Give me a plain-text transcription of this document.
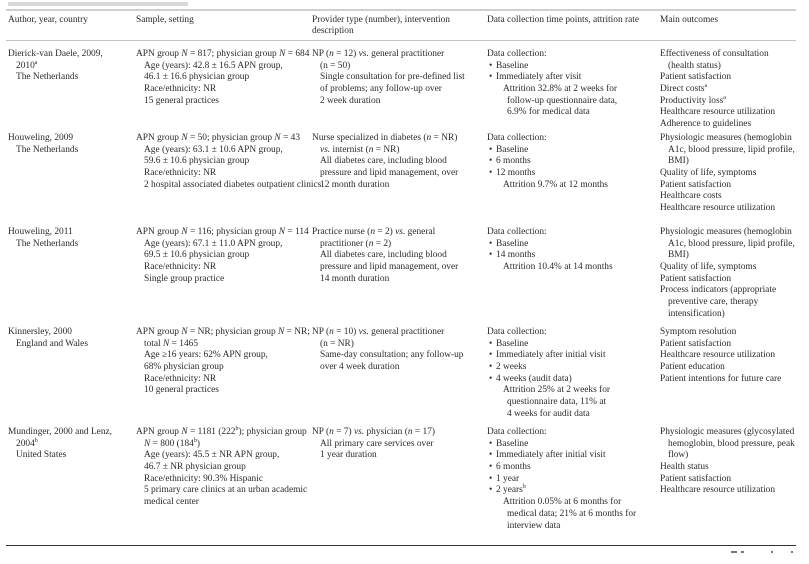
Author, year, country	Sample, setting	Provider type (number), intervention
description
Data collection time points, attrition rate Main outcomes
Dierick-van Daele, 2009,
2010$^a$
The Netherlands
APN group N = 817; physician group N = 684
Age (years): 42.8 ± 16.5 APN group,
46.1 ± 16.6 physician group
Race/ethnicity: NR
15 general practices
NP (n = 12) vs. general practitioner
(n = 50)
Single consultation for pre-defined list
of problems; any follow-up over
2 week duration
Data collection:
• Baseline
• Immediately after visit
Attrition 32.8% at 2 weeks for
follow-up questionnaire data,
6.9% for medical data
Effectiveness of consultation
(health status)
Patient satisfaction
Direct costs$^a$
Productivity loss$^a$
Healthcare resource utilization
Adherence to guidelines
Houweling, 2009
The Netherlands
APN group N = 50; physician group N = 43
Age (years): 63.1 ± 10.6 APN group,
59.6 ± 10.6 physician group
Race/ethnicity: NR
2 hospital associated diabetes outpatient clinics
Nurse specialized in diabetes (n = NR)
vs. internist (n = NR)
All diabetes care, including blood
pressure and lipid management, over
12 month duration
Data collection:
• Baseline
• 6 months
• 12 months
Attrition 9.7% at 12 months
Physiologic measures (hemoglobin
A1c, blood pressure, lipid profile,
BMI)
Quality of life, symptoms
Patient satisfaction
Healthcare costs
Healthcare resource utilization
Houweling, 2011
The Netherlands
APN group N = 116; physician group N = 114
Age (years): 67.1 ± 11.0 APN group,
69.5 ± 10.6 physician group
Race/ethnicity: NR
Single group practice
Practice nurse (n = 2) vs. general
practitioner (n = 2)
All diabetes care, including blood
pressure and lipid management, over
14 month duration
Data collection:
• Baseline
• 14 months
Attrition 10.4% at 14 months
Physiologic measures (hemoglobin
A1c, blood pressure, lipid profile,
BMI)
Quality of life, symptoms
Patient satisfaction
Process indicators (appropriate
preventive care, therapy
intensification)
Kinnersley, 2000
England and Wales
APN group N = NR; physician group N = NR;
total N = 1465
Age ≥16 years: 62% APN group,
68% physician group
Race/ethnicity: NR
10 general practices
NP (n = 10) vs. general practitioner
(n = NR)
Same-day consultation; any follow-up
over 4 week duration
Data collection:
• Baseline
• Immediately after initial visit
• 2 weeks
• 4 weeks (audit data)
Attrition 25% at 2 weeks for
questionnaire data, 11% at
4 weeks for audit data
Symptom resolution
Patient satisfaction
Healthcare resource utilization
Patient education
Patient intentions for future care
Mundinger, 2000 and Lenz,
2004$^b$
United States
APN group N = 1181 (222$^b$); physician group
N = 800 (184$^b$)
Age (years): 45.5 ± NR APN group,
46.7 ± NR physician group
Race/ethnicity: 90.3% Hispanic
5 primary care clinics at an urban academic
medical center
NP (n = 7) vs. physician (n = 17)
All primary care services over
1 year duration
Data collection:
• Baseline
• Immediately after initial visit
• 6 months
• 1 year
• 2 years$^b$
Attrition 0.05% at 6 months for
medical data; 21% at 6 months for
interview data
Physiologic measures (glycosylated
hemoglobin, blood pressure, peak
flow)
Health status
Patient satisfaction
Healthcare resource utilization
